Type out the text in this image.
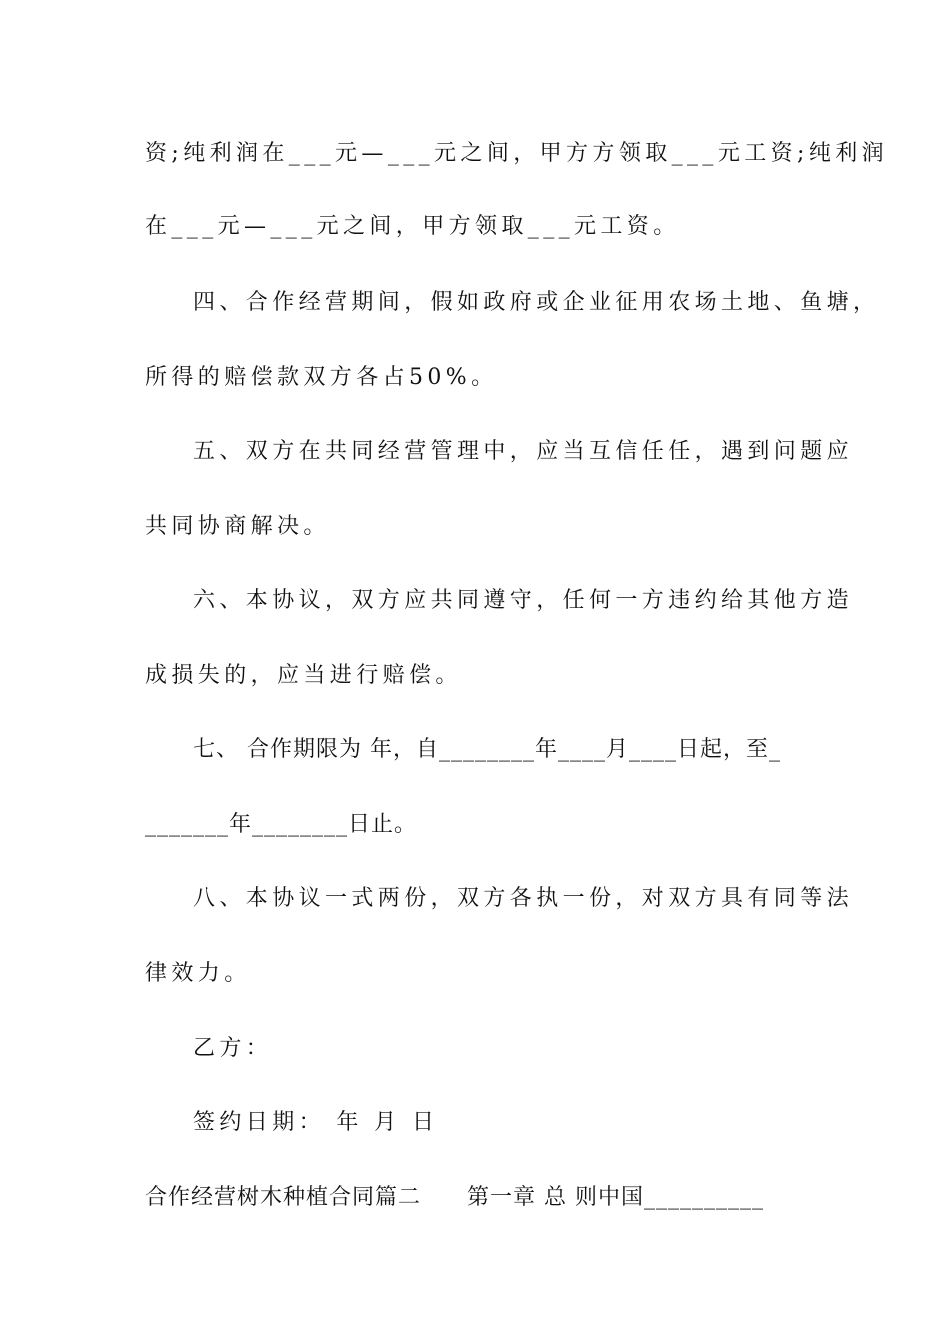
资;纯利润在___元—___元之间，甲方方领取___元工资;纯利润
在___元—___元之间，甲方领取___元工资。
四、合作经营期间，假如政府或企业征用农场土地、鱼塘，
所得的赔偿款双方各占50%。
五、双方在共同经营管理中，应当互信任任，遇到问题应
共同协商解决。
六、本协议，双方应共同遵守，任何一方违约给其他方造
成损失的，应当进行赔偿。
七、 合作期限为 年，自________年____月____日起，至_
_______年________日止。
八、本协议一式两份，双方各执一份，对双方具有同等法
律效力。
乙方：
签约日期： 年 月 日
合作经营树木种植合同篇二　　第一章 总 则中国__________
